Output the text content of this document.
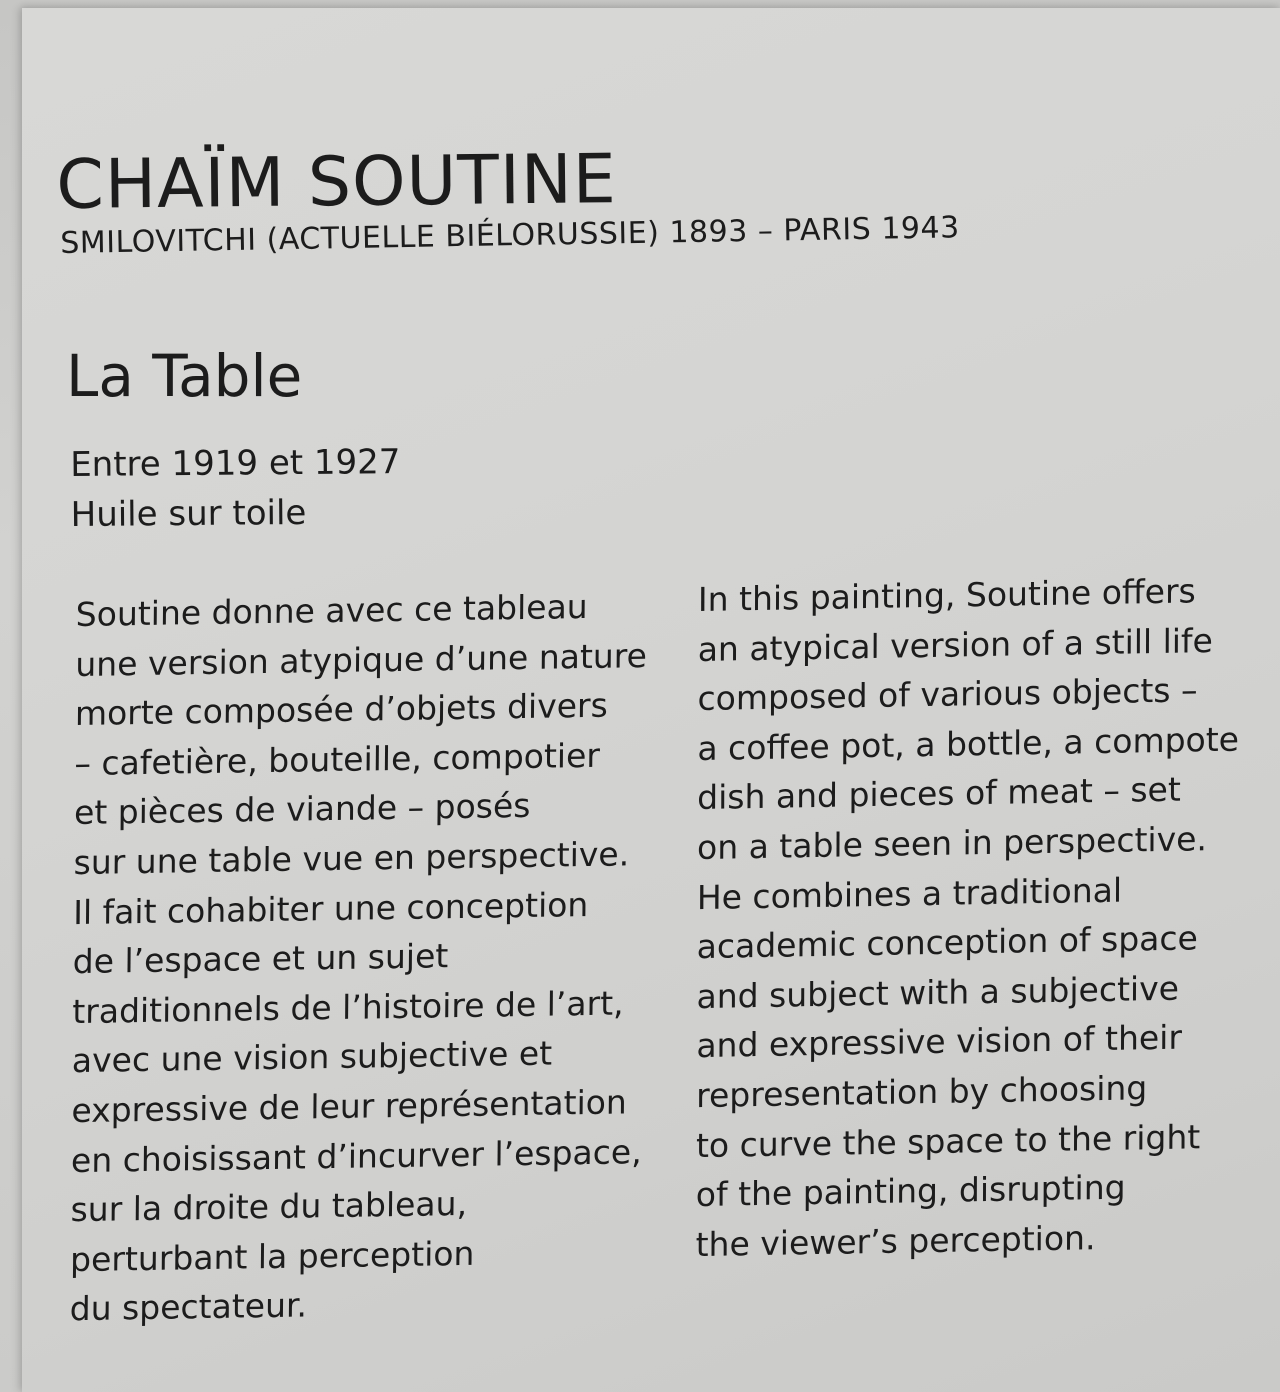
CHAÏM SOUTINE
SMILOVITCHI (ACTUELLE BIÉLORUSSIE) 1893 – PARIS 1943
La Table
Entre 1919 et 1927
Huile sur toile
Soutine donne avec ce tableau
une version atypique d’une nature
morte composée d’objets divers
– cafetière, bouteille, compotier
et pièces de viande – posés
sur une table vue en perspective.
Il fait cohabiter une conception
de l’espace et un sujet
traditionnels de l’histoire de l’art,
avec une vision subjective et
expressive de leur représentation
en choisissant d’incurver l’espace,
sur la droite du tableau,
perturbant la perception
du spectateur.
In this painting, Soutine offers
an atypical version of a still life
composed of various objects –
a coffee pot, a bottle, a compote
dish and pieces of meat – set
on a table seen in perspective.
He combines a traditional
academic conception of space
and subject with a subjective
and expressive vision of their
representation by choosing
to curve the space to the right
of the painting, disrupting
the viewer’s perception.
